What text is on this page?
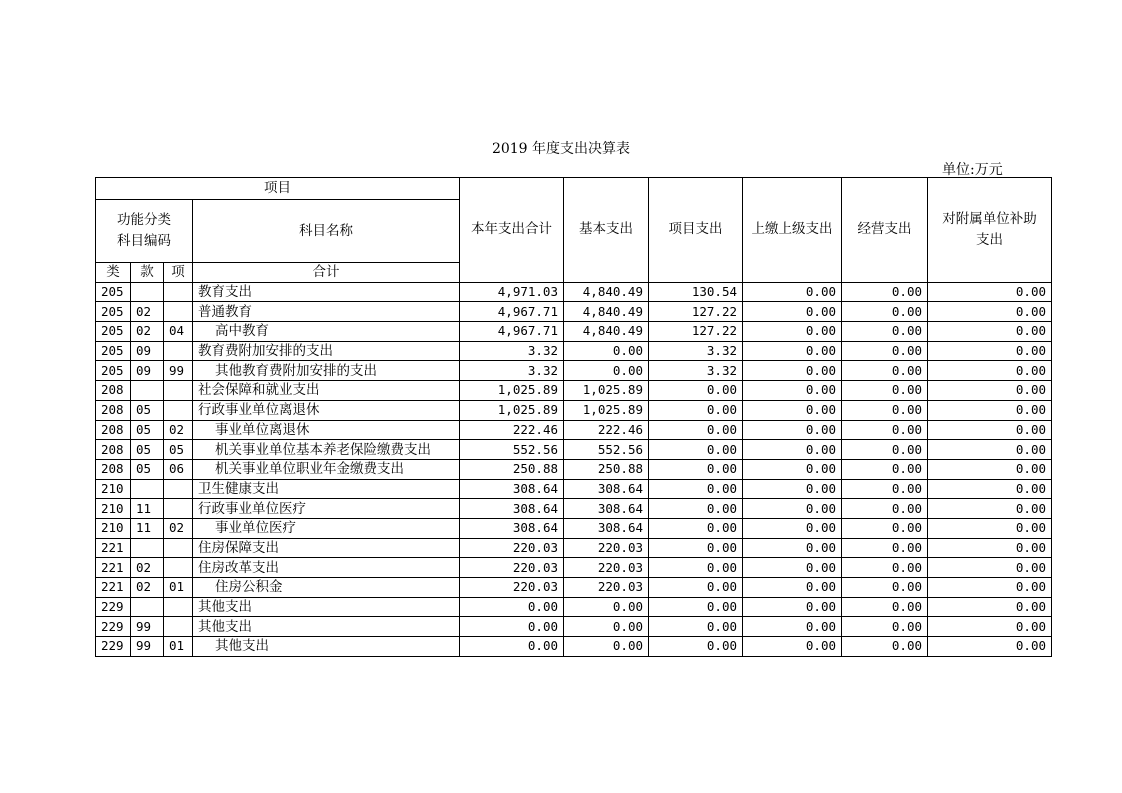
2019 年度支出决算表
单位:万元
项目				本年支出合计	基本支出	项目支出	上缴上级支出	经营支出	对附属单位补助支出	
功能分类
科目编码			科目名称							
类	款	项	合计						
205			教育支出	4,971.03	4,840.49	130.54	0.00	0.00	0.00	
205	02		普通教育	4,967.71	4,840.49	127.22	0.00	0.00	0.00	
205	02	04	高中教育	4,967.71	4,840.49	127.22	0.00	0.00	0.00	
205	09		教育费附加安排的支出	3.32	0.00	3.32	0.00	0.00	0.00	
205	09	99	其他教育费附加安排的支出	3.32	0.00	3.32	0.00	0.00	0.00	
208			社会保障和就业支出	1,025.89	1,025.89	0.00	0.00	0.00	0.00	
208	05		行政事业单位离退休	1,025.89	1,025.89	0.00	0.00	0.00	0.00	
208	05	02	事业单位离退休	222.46	222.46	0.00	0.00	0.00	0.00	
208	05	05	机关事业单位基本养老保险缴费支出	552.56	552.56	0.00	0.00	0.00	0.00	
208	05	06	机关事业单位职业年金缴费支出	250.88	250.88	0.00	0.00	0.00	0.00	
210			卫生健康支出	308.64	308.64	0.00	0.00	0.00	0.00	
210	11		行政事业单位医疗	308.64	308.64	0.00	0.00	0.00	0.00	
210	11	02	事业单位医疗	308.64	308.64	0.00	0.00	0.00	0.00	
221			住房保障支出	220.03	220.03	0.00	0.00	0.00	0.00	
221	02		住房改革支出	220.03	220.03	0.00	0.00	0.00	0.00	
221	02	01	住房公积金	220.03	220.03	0.00	0.00	0.00	0.00	
229			其他支出	0.00	0.00	0.00	0.00	0.00	0.00	
229	99		其他支出	0.00	0.00	0.00	0.00	0.00	0.00	
229	99	01	其他支出	0.00	0.00	0.00	0.00	0.00	0.00	
